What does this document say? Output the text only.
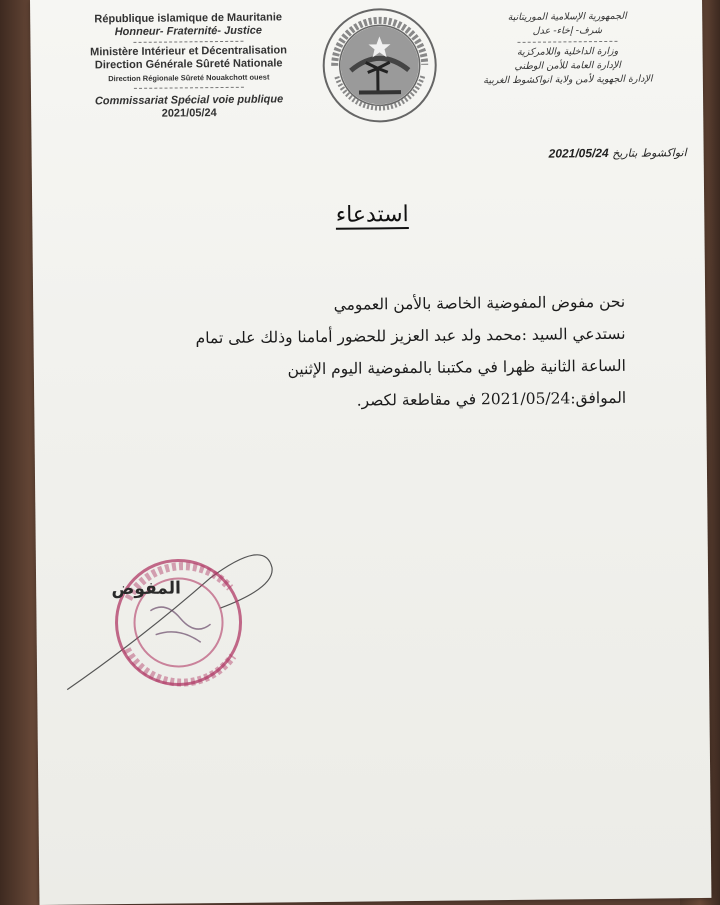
République islamique de Mauritanie
Honneur- Fraternité- Justice
Ministère Intérieur et Décentralisation
Direction Générale Sûreté Nationale
Direction Régionale Sûreté Nouakchott ouest
Commissariat Spécial voie publique
2021/05/24
الجمهورية الإسلامية الموريتانية
شرف- إخاء- عدل
وزارة الداخلية واللامركزية
الإدارة العامة للأمن الوطني
الإدارة الجهوية لأمن ولاية انواكشوط الغربية
انواكشوط بتاريخ 2021/05/24
استدعاء
نحن مفوض المفوضية الخاصة بالأمن العمومي
نستدعي السيد :محمد ولد عبد العزيز للحضور أمامنا وذلك على تمام
الساعة الثانية ظهرا في مكتبنا بالمفوضية اليوم الإثنين
الموافق:2021/05/24 في مقاطعة لكصر.
المفوض
